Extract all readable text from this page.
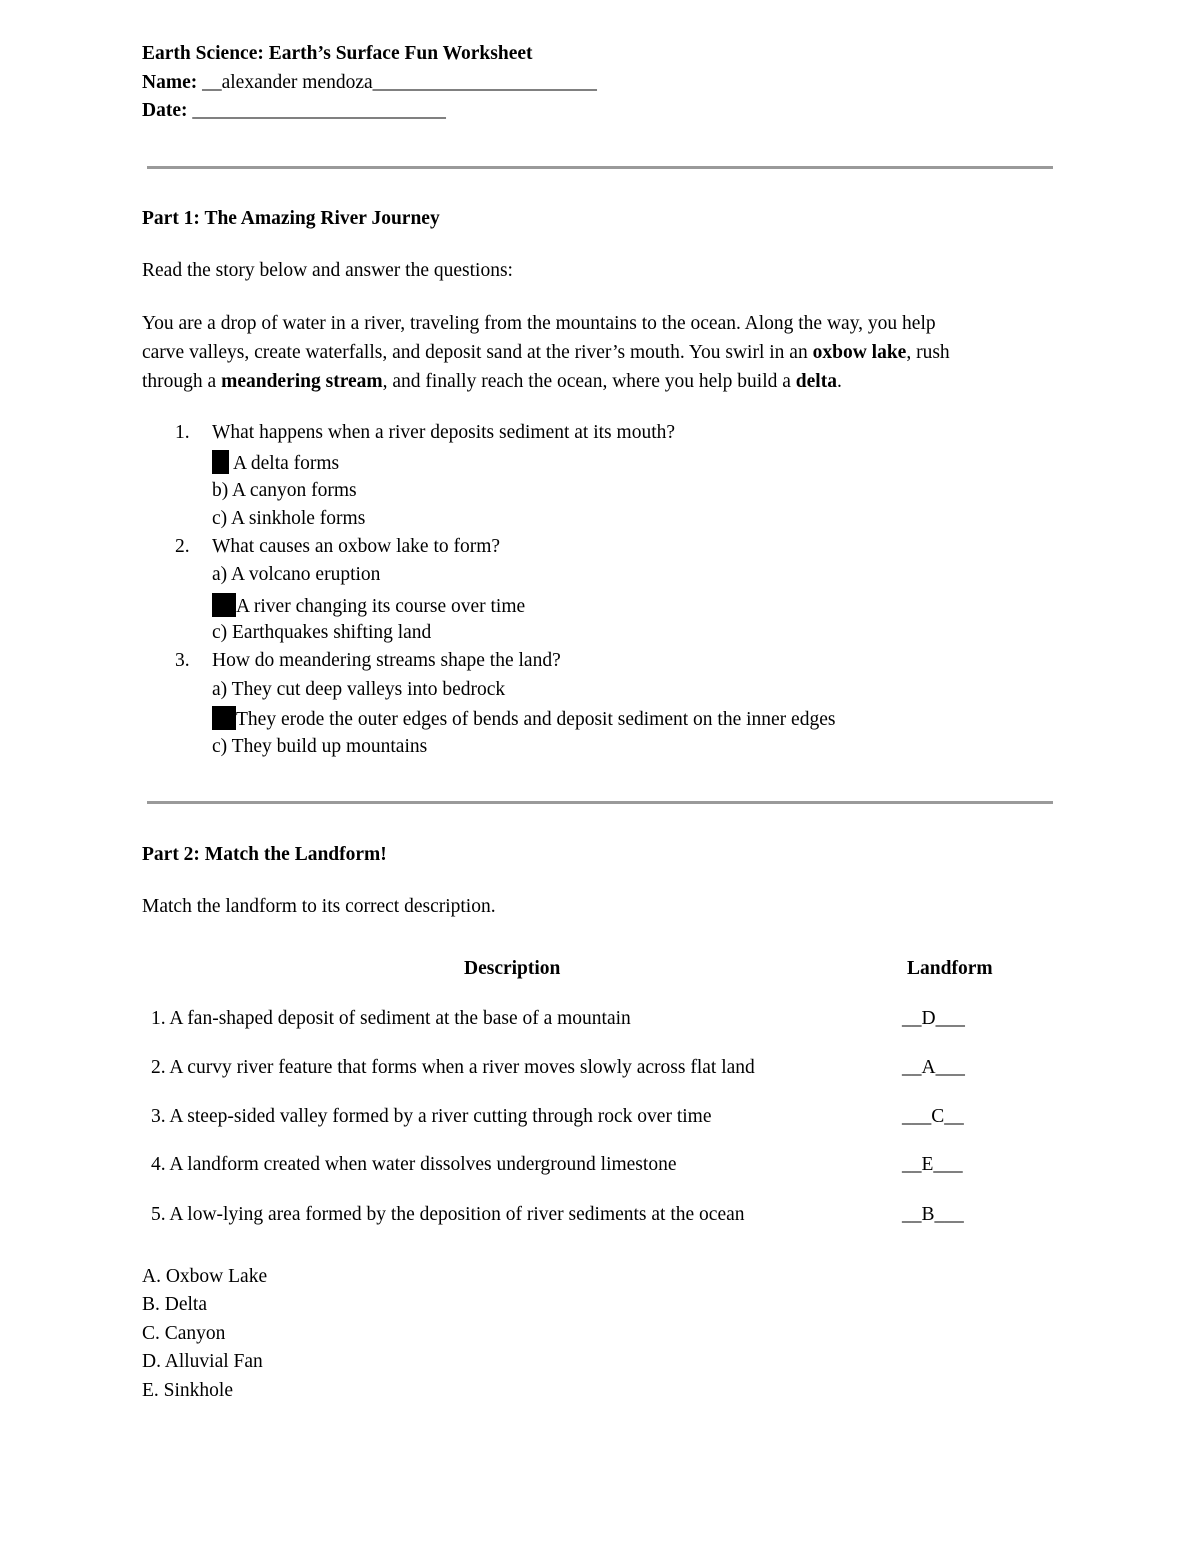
Earth Science: Earth’s Surface Fun Worksheet
Name: __alexander mendoza_______________________
Date: __________________________
Part 1: The Amazing River Journey
Read the story below and answer the questions:
You are a drop of water in a river, traveling from the mountains to the ocean. Along the way, you help
carve valleys, create waterfalls, and deposit sand at the river’s mouth. You swirl in an oxbow lake, rush
through a meandering stream, and finally reach the ocean, where you help build a delta.
1. What happens when a river deposits sediment at its mouth?
A delta forms
b) A canyon forms
c) A sinkhole forms
2. What causes an oxbow lake to form?
a) A volcano eruption
A river changing its course over time
c) Earthquakes shifting land
3. How do meandering streams shape the land?
a) They cut deep valleys into bedrock
They erode the outer edges of bends and deposit sediment on the inner edges
c) They build up mountains
Part 2: Match the Landform!
Match the landform to its correct description.
Description	Landform
1. A fan-shaped deposit of sediment at the base of a mountain	__D___
2. A curvy river feature that forms when a river moves slowly across flat land	__A___
3. A steep-sided valley formed by a river cutting through rock over time	___C__
4. A landform created when water dissolves underground limestone	__E___
5. A low-lying area formed by the deposition of river sediments at the ocean	__B___
A. Oxbow Lake
B. Delta
C. Canyon
D. Alluvial Fan
E. Sinkhole
